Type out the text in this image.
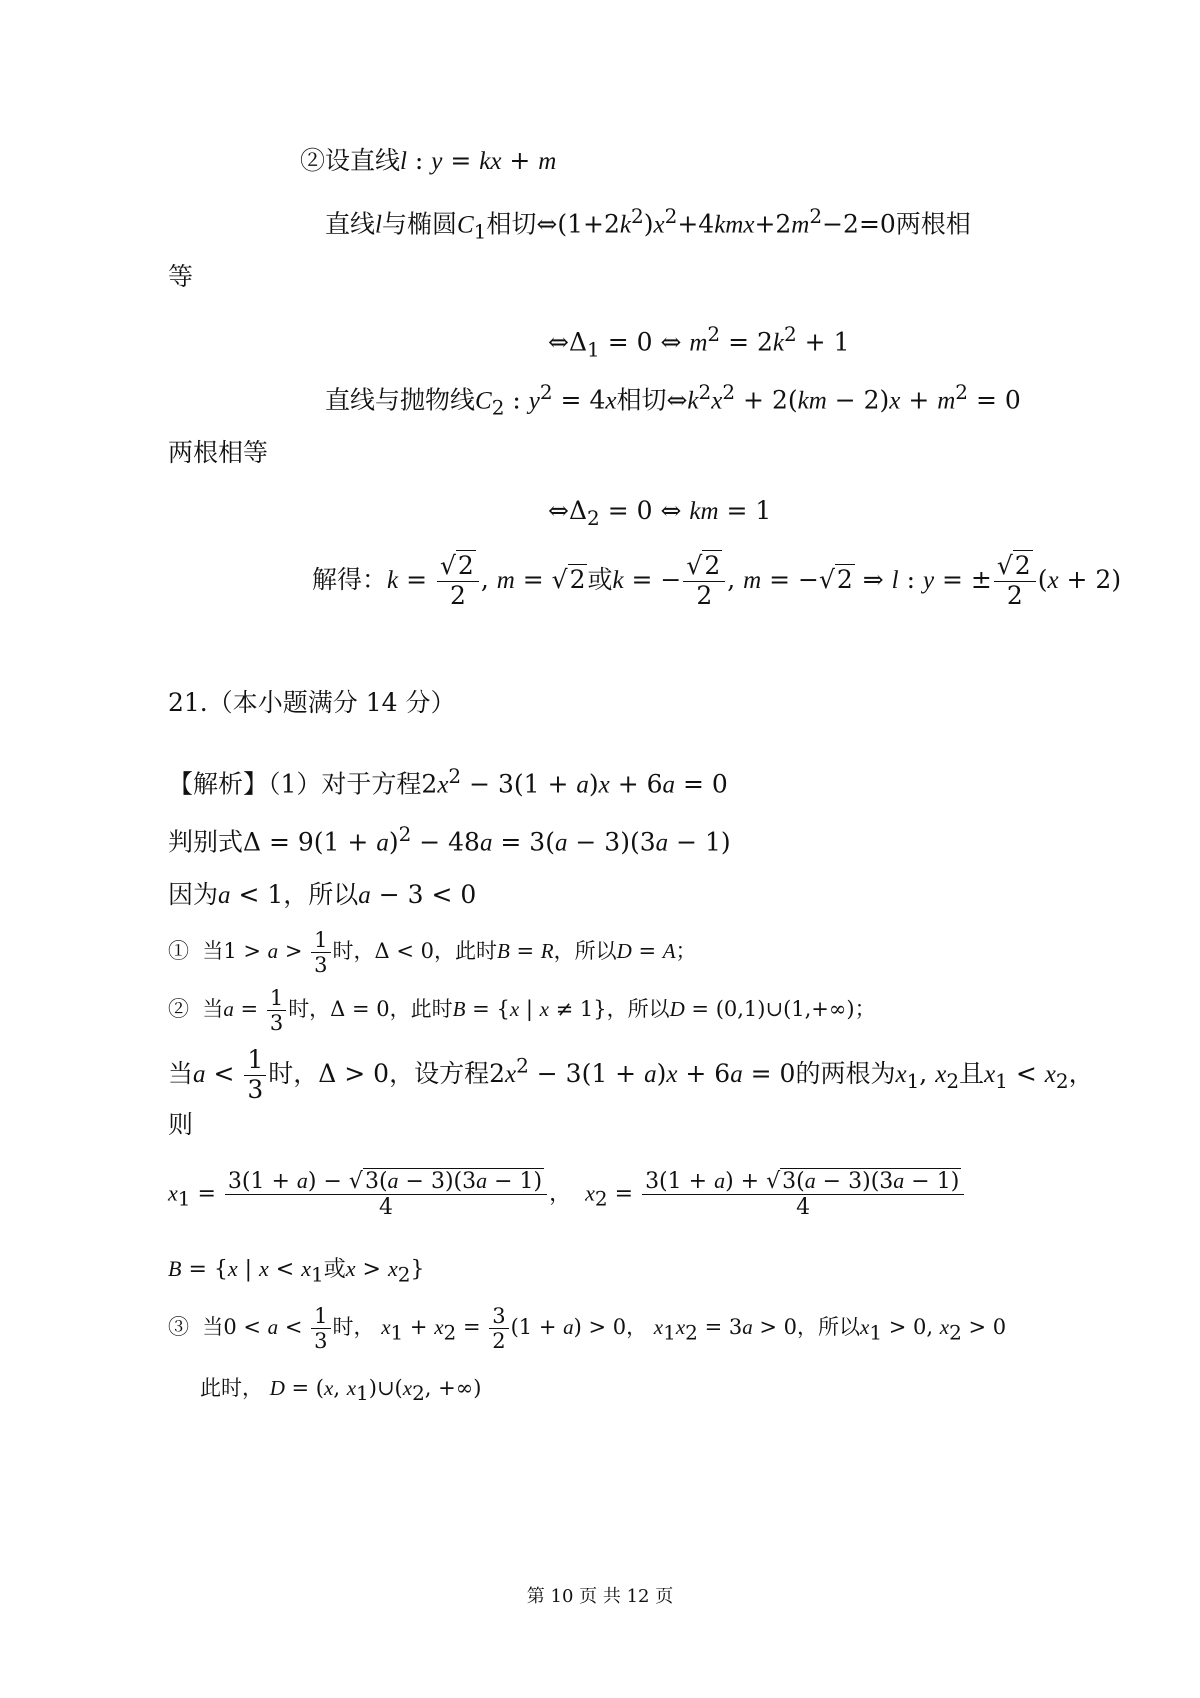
②设直线l : y = kx + m
直线l与椭圆$C_1$相切$\Leftrightarrow(1+2k^2)x^2+4kmx+2m^2-2=0$两根相
等
$\Leftrightarrow\Delta_1 = 0$ ⇔ $m^2 = 2k^2 + 1$
直线与抛物线$C_2$ : $y^2 = 4x$相切$\Leftrightarrow k^2x^2 + 2(km - 2)x + m^2 = 0$
两根相等
$\Leftrightarrow\Delta_2 = 0$ ⇔ km = 1
解得：$k = \frac{√2}{2}$ , m = √2或k = − $\frac{√2}{2}$ , m = −√2 ⇒ l : y = ± $\frac{√2}{2} (x + 2)$
21.（本小题满分 14 分）
【解析】（1）对于方程$2x^2 - 3(1 + a)x + 6a = 0$
判别式$\Delta = 9(1 + a)^2 - 48a = 3(a - 3)(3a - 1)$
因为a < 1，所以a − 3 < 0
①  当$1 > a > \frac{1}{3}$ 时，Δ < 0，此时B = R，所以D = A；
②  当$a = \frac{1}{3}$ 时，Δ = 0，此时B = {x | x ≠ 1}，所以D = (0,1)∪(1,+∞)；
当$a < \frac{1}{3}$ 时，Δ > 0，设方程$2x^2 - 3(1 + a)x + 6a = 0$的两根为$x_1$, $x_2$且$x_1 < x_2$，
则
$x_1 = \frac{3(1 + a) - √3(a - 3)(3a - 1)}{4}$ ，  $x_2 = \frac{3(1 + a) + √3(a - 3)(3a - 1)}{4}$
B = {x | $x < x_1$或$x > x_2$}
③  当$0 < a < \frac{1}{3}$ 时， $x_1 + x_2 = \frac{3}{2} (1 + a) > 0$， $x_1x_2 = 3a > 0$，所以$x_1 > 0$, $x_2 > 0$
此时， D = (x, $x_1)\cup(x_2$, +∞)
第 10 页 共 12 页
